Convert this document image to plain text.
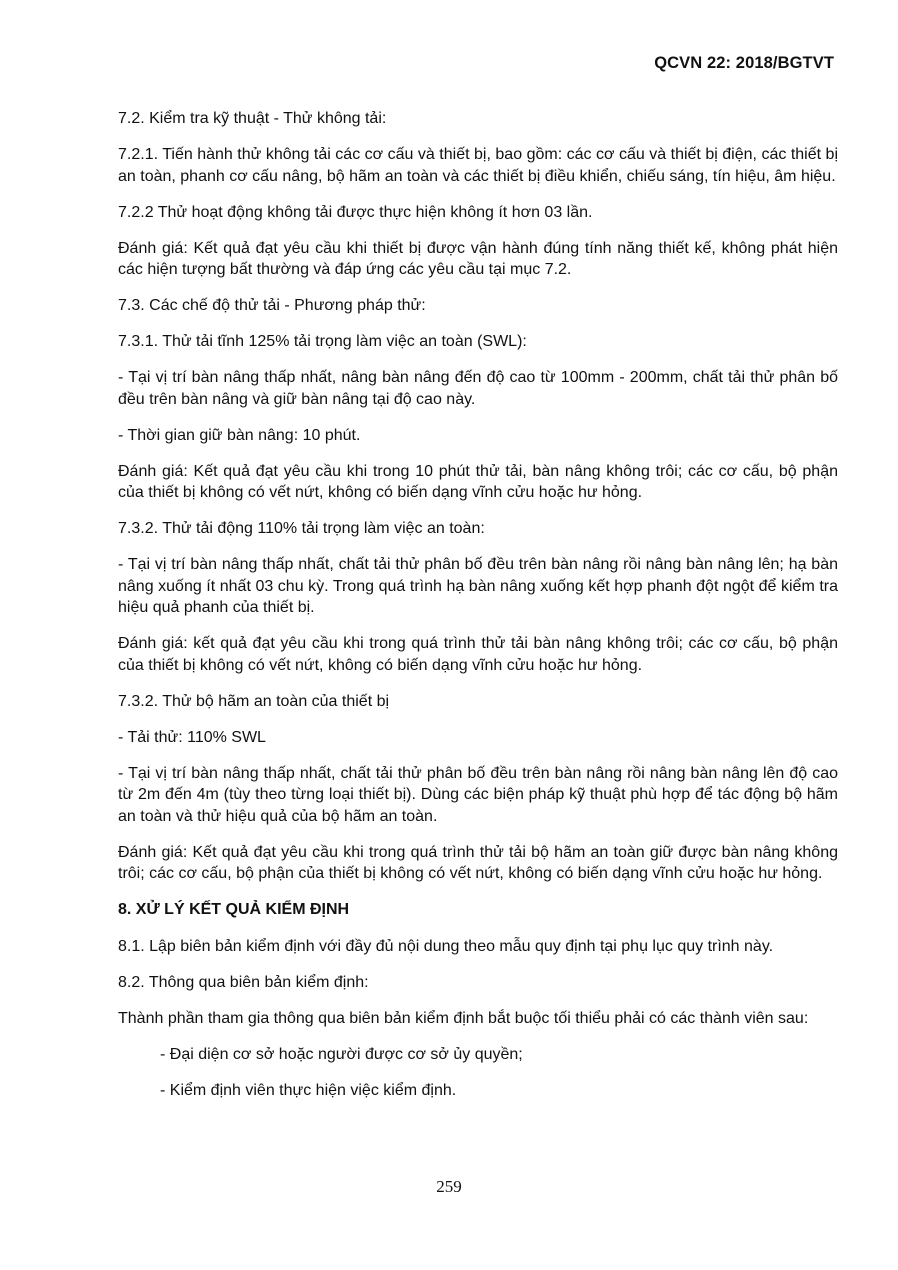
QCVN 22: 2018/BGTVT

7.2. Kiểm tra kỹ thuật - Thử không tải:

7.2.1. Tiến hành thử không tải các cơ cấu và thiết bị, bao gồm: các cơ cấu và thiết bị điện, các thiết bị an toàn, phanh cơ cấu nâng, bộ hãm an toàn và các thiết bị điều khiển, chiếu sáng, tín hiệu, âm hiệu.

7.2.2 Thử hoạt động không tải được thực hiện không ít hơn 03 lần.

Đánh giá: Kết quả đạt yêu cầu khi thiết bị được vận hành đúng tính năng thiết kế, không phát hiện các hiện tượng bất thường và đáp ứng các yêu cầu tại mục 7.2.

7.3. Các chế độ thử tải - Phương pháp thử:

7.3.1. Thử tải tĩnh 125% tải trọng làm việc an toàn (SWL):

- Tại vị trí bàn nâng thấp nhất, nâng bàn nâng đến độ cao từ 100mm - 200mm, chất tải thử phân bố đều trên bàn nâng và giữ bàn nâng tại độ cao này.

- Thời gian giữ bàn nâng: 10 phút.

Đánh giá: Kết quả đạt yêu cầu khi trong 10 phút thử tải, bàn nâng không trôi; các cơ cấu, bộ phận của thiết bị không có vết nứt, không có biến dạng vĩnh cửu hoặc hư hỏng.

7.3.2. Thử tải động 110% tải trọng làm việc an toàn:

- Tại vị trí bàn nâng thấp nhất, chất tải thử phân bố đều trên bàn nâng rồi nâng bàn nâng lên; hạ bàn nâng xuống ít nhất 03 chu kỳ. Trong quá trình hạ bàn nâng xuống kết hợp phanh đột ngột để kiểm tra hiệu quả phanh của thiết bị.

Đánh giá: kết quả đạt yêu cầu khi trong quá trình thử tải bàn nâng không trôi; các cơ cấu, bộ phận của thiết bị không có vết nứt, không có biến dạng vĩnh cửu hoặc hư hỏng.

7.3.2. Thử bộ hãm an toàn của thiết bị

- Tải thử: 110% SWL

- Tại vị trí bàn nâng thấp nhất, chất tải thử phân bố đều trên bàn nâng rồi nâng bàn nâng lên độ cao từ 2m đến 4m (tùy theo từng loại thiết bị). Dùng các biện pháp kỹ thuật phù hợp để tác động bộ hãm an toàn và thử hiệu quả của bộ hãm an toàn.

Đánh giá: Kết quả đạt yêu cầu khi trong quá trình thử tải bộ hãm an toàn giữ được bàn nâng không trôi; các cơ cấu, bộ phận của thiết bị không có vết nứt, không có biến dạng vĩnh cửu hoặc hư hỏng.

8. XỬ LÝ KẾT QUẢ KIỂM ĐỊNH

8.1. Lập biên bản kiểm định với đầy đủ nội dung theo mẫu quy định tại phụ lục quy trình này.

8.2. Thông qua biên bản kiểm định:

Thành phần tham gia thông qua biên bản kiểm định bắt buộc tối thiểu phải có các thành viên sau:

- Đại diện cơ sở hoặc người được cơ sở ủy quyền;

- Kiểm định viên thực hiện việc kiểm định.

259
